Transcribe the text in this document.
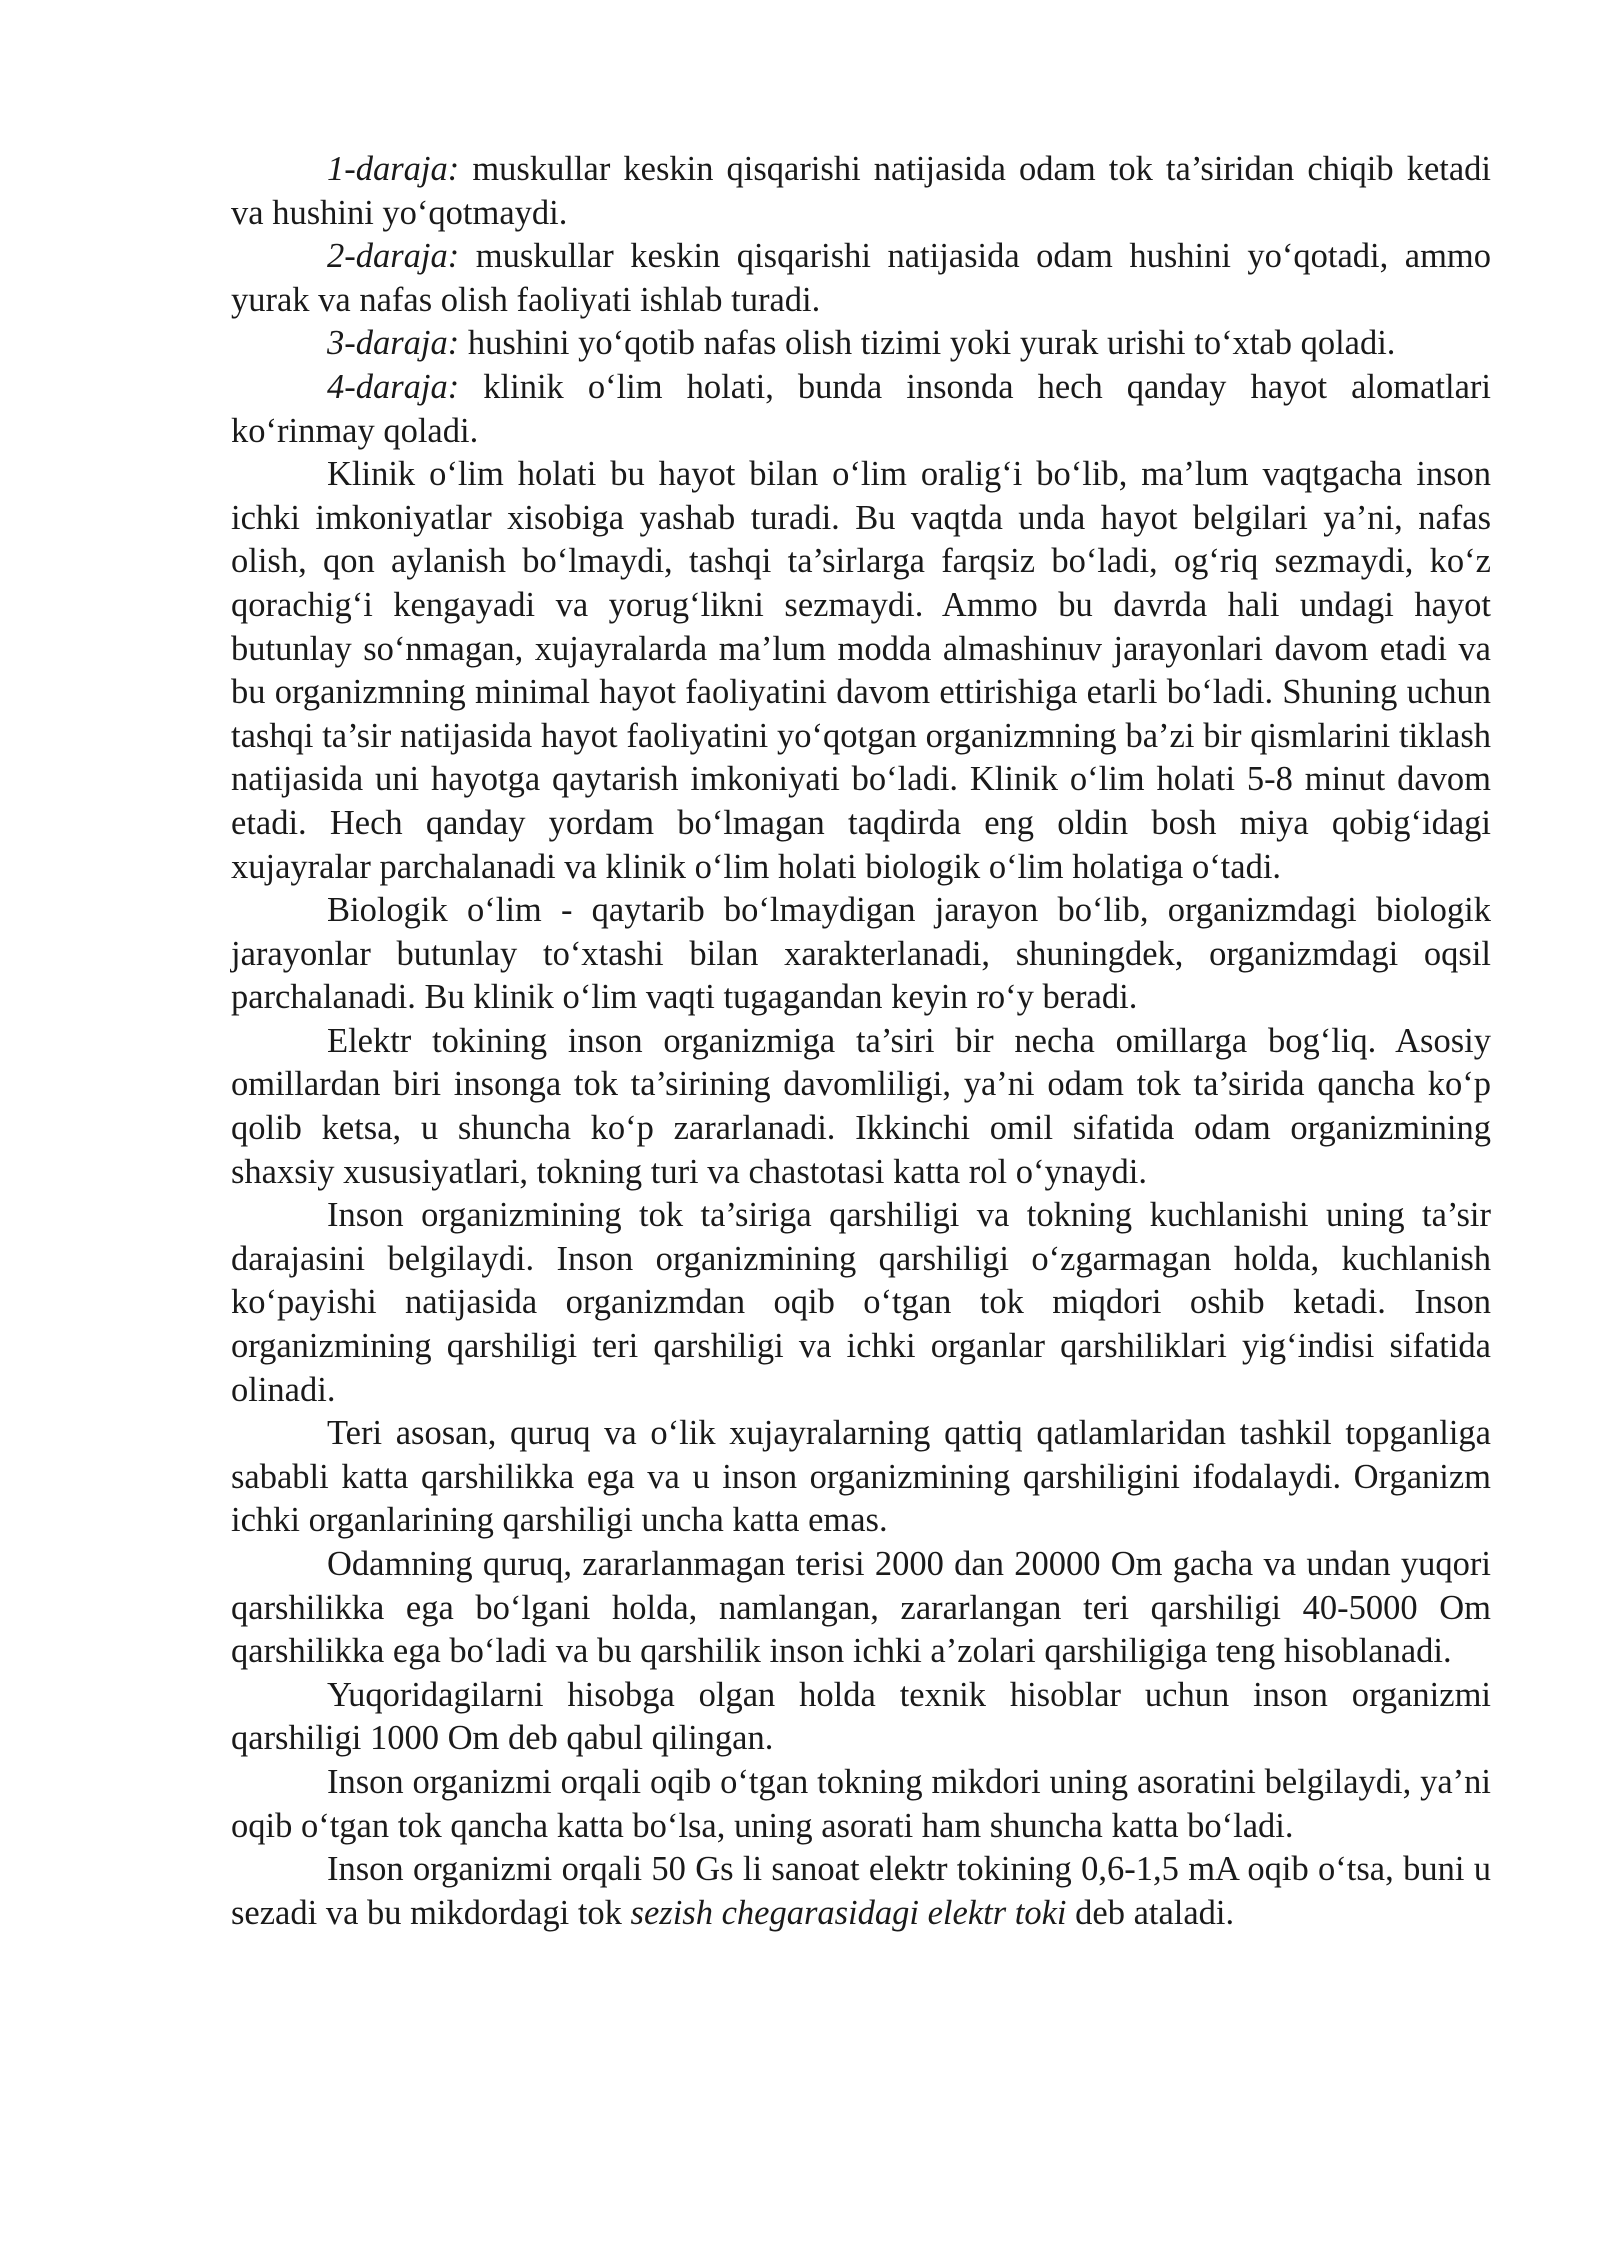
1-daraja: muskullar keskin qisqarishi natijasida odam tok ta’siridan chiqib ketadi va hushini yo‘qotmaydi.

2-daraja: muskullar keskin qisqarishi natijasida odam hushini yo‘qotadi, ammo yurak va nafas olish faoliyati ishlab turadi.

3-daraja: hushini yo‘qotib nafas olish tizimi yoki yurak urishi to‘xtab qoladi.

4-daraja: klinik o‘lim holati, bunda insonda hech qanday hayot alomatlari ko‘rinmay qoladi.

Klinik o‘lim holati bu hayot bilan o‘lim oralig‘i bo‘lib, ma’lum vaqtgacha inson ichki imkoniyatlar xisobiga yashab turadi. Bu vaqtda unda hayot belgilari ya’ni, nafas olish, qon aylanish bo‘lmaydi, tashqi ta’sirlarga farqsiz bo‘ladi, og‘riq sezmaydi, ko‘z qorachig‘i kengayadi va yorug‘likni sezmaydi. Ammo bu davrda hali undagi hayot butunlay so‘nmagan, xujayralarda ma’lum modda almashinuv jarayonlari davom etadi va bu organizmning minimal hayot faoliyatini davom ettirishiga etarli bo‘ladi. Shuning uchun tashqi ta’sir natijasida hayot faoliyatini yo‘qotgan organizmning ba’zi bir qismlarini tiklash natijasida uni hayotga qaytarish imkoniyati bo‘ladi. Klinik o‘lim holati 5-8 minut davom etadi. Hech qanday yordam bo‘lmagan taqdirda eng oldin bosh miya qobig‘idagi xujayralar parchalanadi va klinik o‘lim holati biologik o‘lim holatiga o‘tadi.

Biologik o‘lim - qaytarib bo‘lmaydigan jarayon bo‘lib, organizmdagi biologik jarayonlar butunlay to‘xtashi bilan xarakterlanadi, shuningdek, organizmdagi oqsil parchalanadi. Bu klinik o‘lim vaqti tugagandan keyin ro‘y beradi.

Elektr tokining inson organizmiga ta’siri bir necha omillarga bog‘liq. Asosiy omillardan biri insonga tok ta’sirining davomliligi, ya’ni odam tok ta’sirida qancha ko‘p qolib ketsa, u shuncha ko‘p zararlanadi. Ikkinchi omil sifatida odam organizmining shaxsiy xususiyatlari, tokning turi va chastotasi katta rol o‘ynaydi.

Inson organizmining tok ta’siriga qarshiligi va tokning kuchlanishi uning ta’sir darajasini belgilaydi. Inson organizmining qarshiligi o‘zgarmagan holda, kuchlanish ko‘payishi natijasida organizmdan oqib o‘tgan tok miqdori oshib ketadi. Inson organizmining qarshiligi teri qarshiligi va ichki organlar qarshiliklari yig‘indisi sifatida olinadi.

Teri asosan, quruq va o‘lik xujayralarning qattiq qatlamlaridan tashkil topganliga sababli katta qarshilikka ega va u inson organizmining qarshiligini ifodalaydi. Organizm ichki organlarining qarshiligi uncha katta emas.

Odamning quruq, zararlanmagan terisi 2000 dan 20000 Om gacha va undan yuqori qarshilikka ega bo‘lgani holda, namlangan, zararlangan teri qarshiligi 40-5000 Om qarshilikka ega bo‘ladi va bu qarshilik inson ichki a’zolari qarshiligiga teng hisoblanadi.

Yuqoridagilarni hisobga olgan holda texnik hisoblar uchun inson organizmi qarshiligi 1000 Om deb qabul qilingan.

Inson organizmi orqali oqib o‘tgan tokning mikdori uning asoratini belgilaydi, ya’ni oqib o‘tgan tok qancha katta bo‘lsa, uning asorati ham shuncha katta bo‘ladi.

Inson organizmi orqali 50 Gs li sanoat elektr tokining 0,6-1,5 mA oqib o‘tsa, buni u sezadi va bu mikdordagi tok sezish chegarasidagi elektr toki deb ataladi.
